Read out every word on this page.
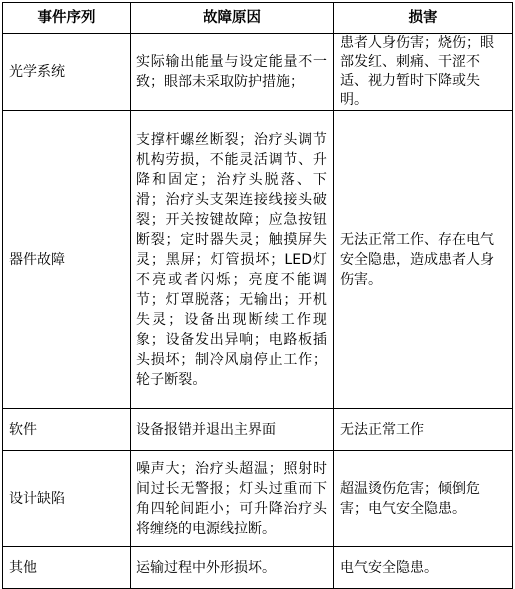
事件序列	故障原因	损害
光学系统	实际输出能量与设定能量不一致；眼部未采取防护措施；	患者人身伤害；烧伤；眼部发红、刺痛、干涩不适、视力暂时下降或失明。
器件故障	支撑杆螺丝断裂；治疗头调节机构劳损，不能灵活调节、升降和固定；治疗头脱落、下滑；治疗头支架连接线接头破裂；开关按键故障；应急按钮断裂；定时器失灵；触摸屏失灵；黑屏；灯管损坏；LED灯不亮或者闪烁；亮度不能调节；灯罩脱落；无输出；开机失灵；设备出现断续工作现象；设备发出异响；电路板插头损坏；制冷风扇停止工作；轮子断裂。	无法正常工作、存在电气安全隐患，造成患者人身伤害。
软件	设备报错并退出主界面	无法正常工作
设计缺陷	噪声大；治疗头超温；照射时间过长无警报；灯头过重而下角四轮间距小；可升降治疗头将缠绕的电源线拉断。	超温烫伤危害；倾倒危害；电气安全隐患。
其他	运输过程中外形损坏。	电气安全隐患。
